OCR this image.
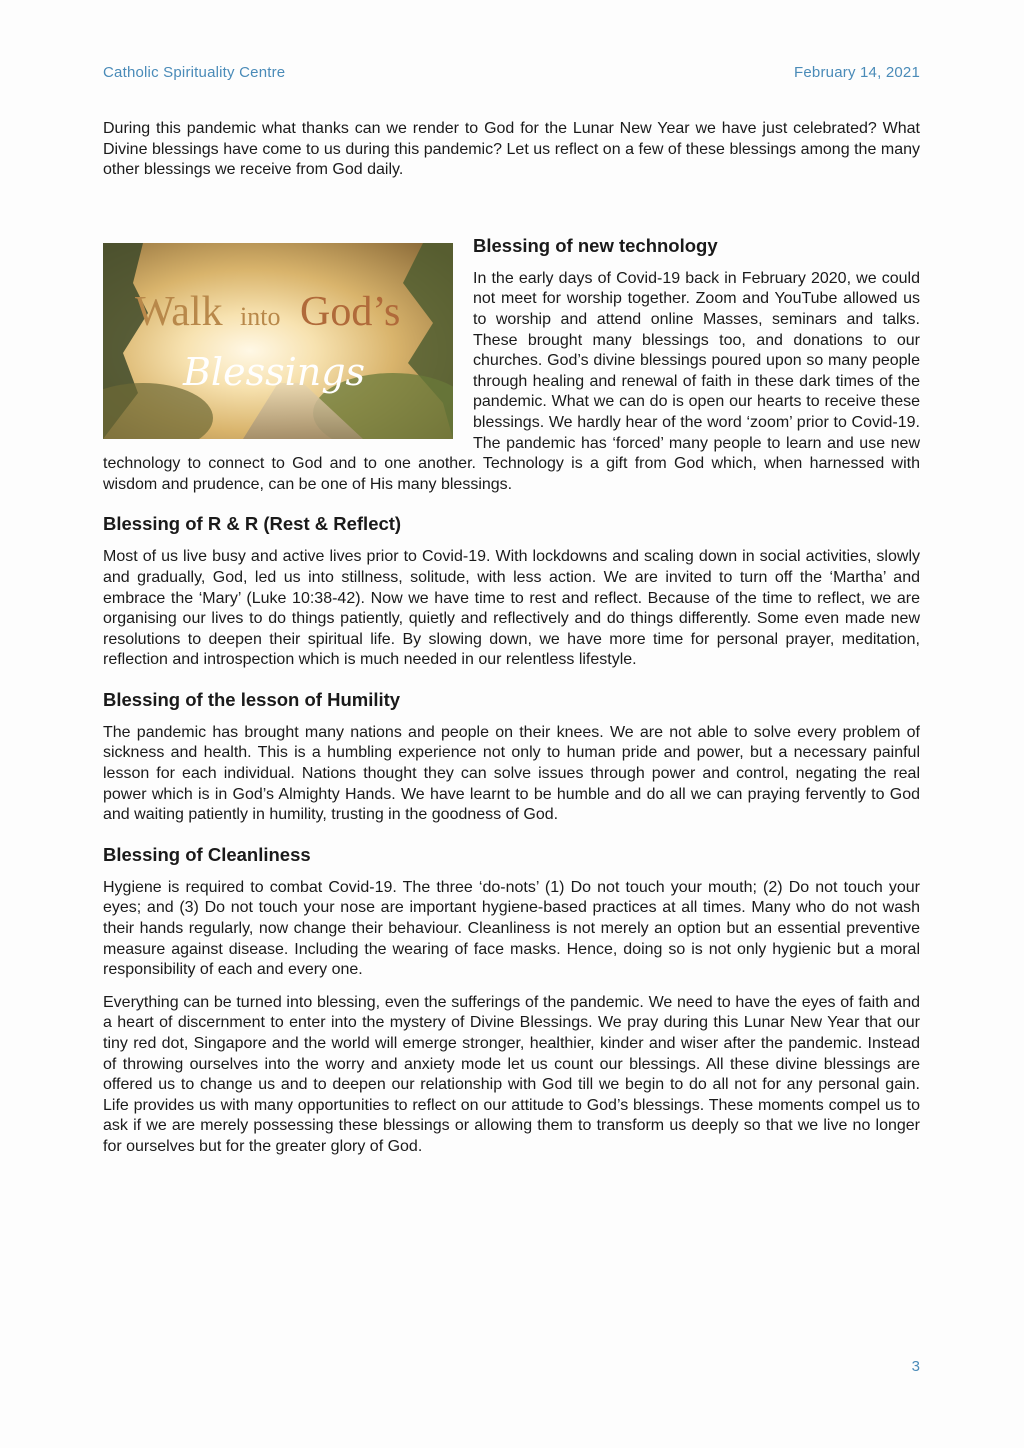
Catholic Spirituality Centre	February 14, 2021

During this pandemic what thanks can we render to God for the Lunar New Year we have just celebrated? What Divine blessings have come to us during this pandemic? Let us reflect on a few of these blessings among the many other blessings we receive from God daily.

Walk into God’s
Blessings
Blessing of new technology

In the early days of Covid-19 back in February 2020, we could not meet for worship together. Zoom and YouTube allowed us to worship and attend online Masses, seminars and talks. These brought many blessings too, and donations to our churches. God’s divine blessings poured upon so many people through healing and renewal of faith in these dark times of the pandemic. What we can do is open our hearts to receive these blessings. We hardly hear of the word ‘zoom’ prior to Covid-19. The pandemic has ‘forced’ many people to learn and use new technology to connect to God and to one another. Technology is a gift from God which, when harnessed with wisdom and prudence, can be one of His many blessings.

Blessing of R & R (Rest & Reflect)

Most of us live busy and active lives prior to Covid-19. With lockdowns and scaling down in social activities, slowly and gradually, God, led us into stillness, solitude, with less action. We are invited to turn off the ‘Martha’ and embrace the ‘Mary’ (Luke 10:38-42). Now we have time to rest and reflect. Because of the time to reflect, we are organising our lives to do things patiently, quietly and reflectively and do things differently. Some even made new resolutions to deepen their spiritual life. By slowing down, we have more time for personal prayer, meditation, reflection and introspection which is much needed in our relentless lifestyle.

Blessing of the lesson of Humility

The pandemic has brought many nations and people on their knees. We are not able to solve every problem of sickness and health. This is a humbling experience not only to human pride and power, but a necessary painful lesson for each individual. Nations thought they can solve issues through power and control, negating the real power which is in God’s Almighty Hands. We have learnt to be humble and do all we can praying fervently to God and waiting patiently in humility, trusting in the goodness of God.

Blessing of Cleanliness

Hygiene is required to combat Covid-19. The three ‘do-nots’ (1) Do not touch your mouth; (2) Do not touch your eyes; and (3) Do not touch your nose are important hygiene-based practices at all times. Many who do not wash their hands regularly, now change their behaviour. Cleanliness is not merely an option but an essential preventive measure against disease. Including the wearing of face masks. Hence, doing so is not only hygienic but a moral responsibility of each and every one.

Everything can be turned into blessing, even the sufferings of the pandemic. We need to have the eyes of faith and a heart of discernment to enter into the mystery of Divine Blessings. We pray during this Lunar New Year that our tiny red dot, Singapore and the world will emerge stronger, healthier, kinder and wiser after the pandemic. Instead of throwing ourselves into the worry and anxiety mode let us count our blessings. All these divine blessings are offered us to change us and to deepen our relationship with God till we begin to do all not for any personal gain. Life provides us with many opportunities to reflect on our attitude to God’s blessings. These moments compel us to ask if we are merely possessing these blessings or allowing them to transform us deeply so that we live no longer for ourselves but for the greater glory of God.

3
